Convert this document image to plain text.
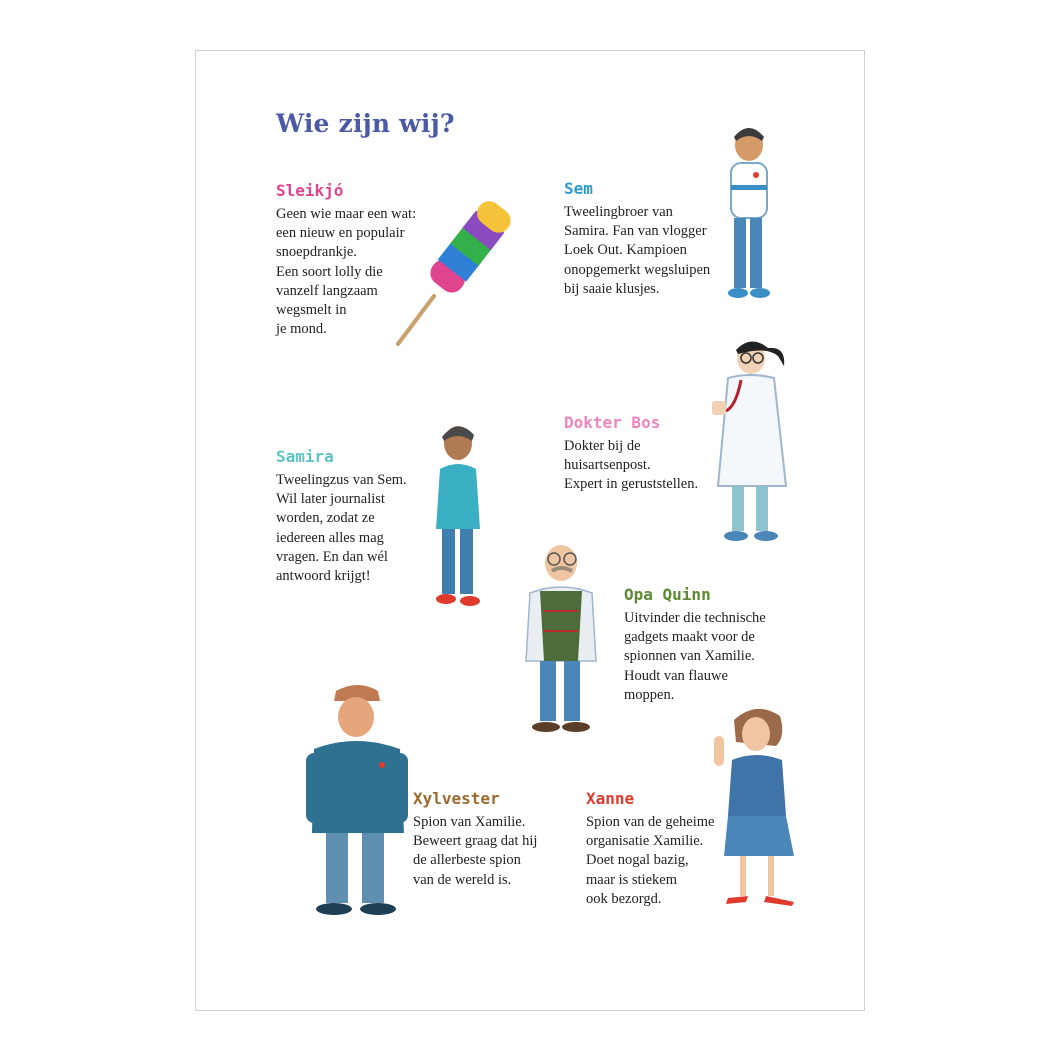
Wie zijn wij?
Sleikjó

Geen wie maar een wat:
een nieuw en populair
snoepdrankje.
Een soort lolly die
vanzelf langzaam
wegsmelt in
je mond.

Sem

Tweelingbroer van
Samira. Fan van vlogger
Loek Out. Kampioen
onopgemerkt wegsluipen
bij saaie klusjes.

Dokter Bos

Dokter bij de
huisartsenpost.
Expert in geruststellen.

Samira

Tweelingzus van Sem.
Wil later journalist
worden, zodat ze
iedereen alles mag
vragen. En dan wél
antwoord krijgt!

Opa Quinn

Uitvinder die technische
gadgets maakt voor de
spionnen van Xamilie.
Houdt van flauwe
moppen.

Xylvester

Spion van Xamilie.
Beweert graag dat hij
de allerbeste spion
van de wereld is.

Xanne

Spion van de geheime
organisatie Xamilie.
Doet nogal bazig,
maar is stiekem
ook bezorgd.
